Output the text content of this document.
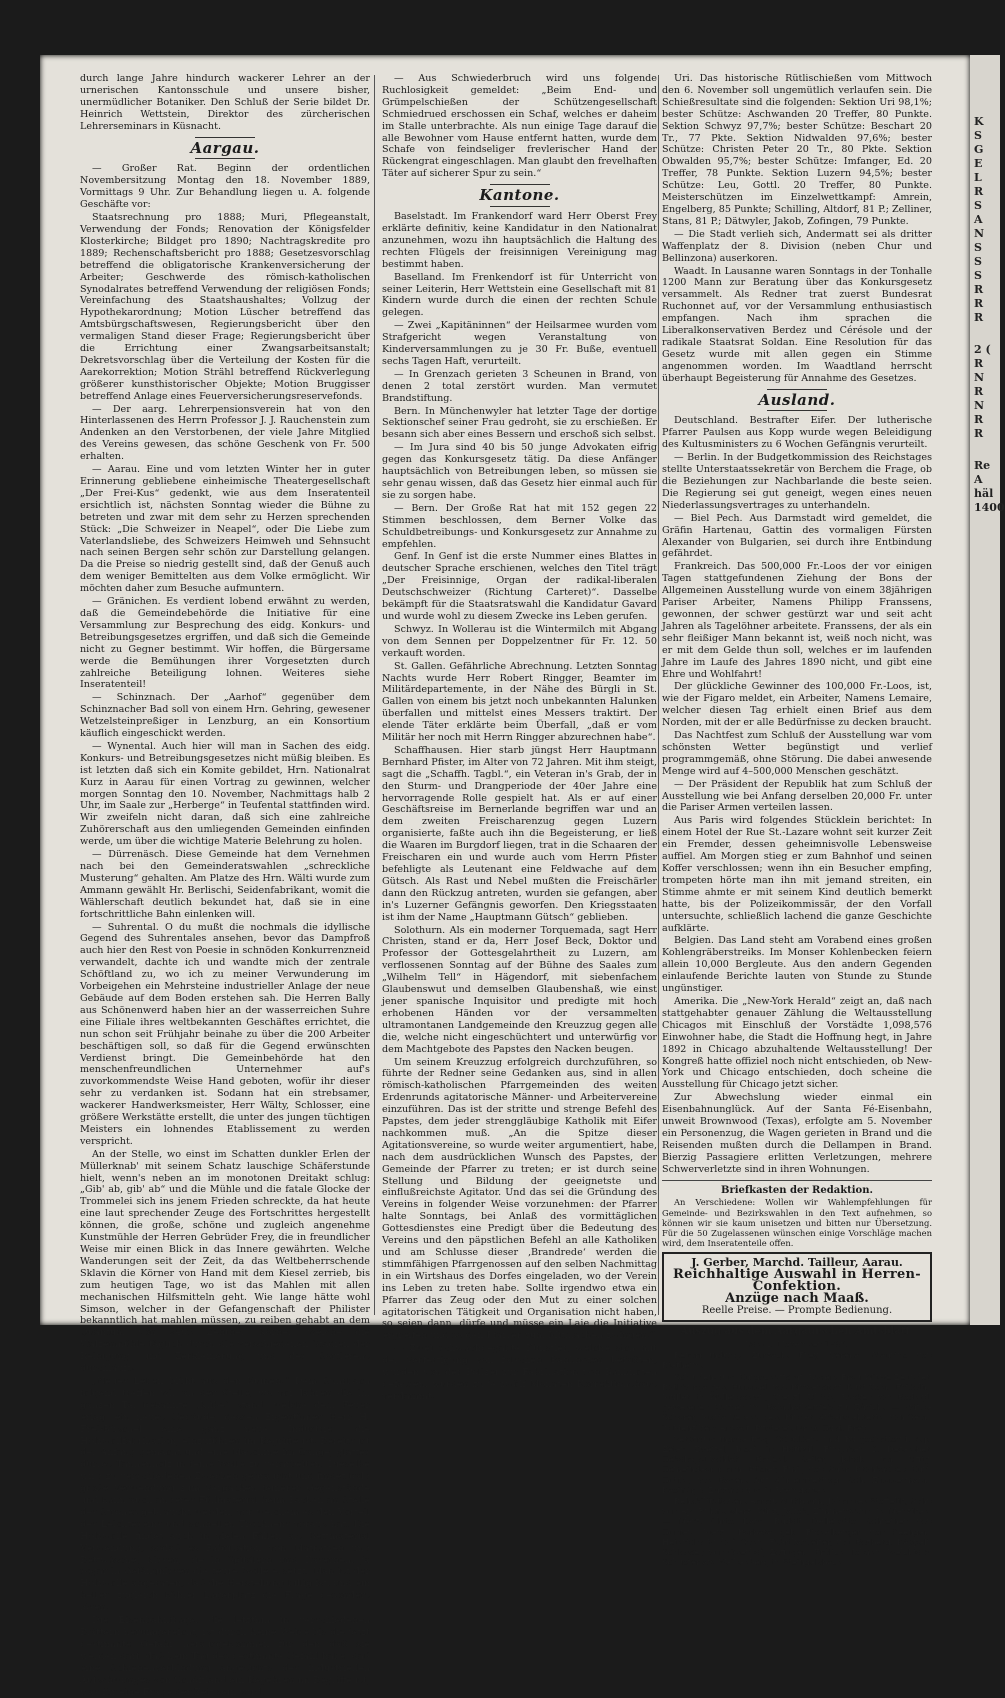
durch lange Jahre hindurch wackerer Lehrer an der urnerischen Kantonsschule und unsere bisher, unermüdlicher Botaniker. Den Schluß der Serie bildet Dr. Heinrich Wettstein, Direktor des zürcherischen Lehrerseminars in Küsnacht.

Aargau.

— Großer Rat. Beginn der ordentlichen Novembersitzung Montag den 18. November 1889, Vormittags 9 Uhr. Zur Behandlung liegen u. A. folgende Geschäfte vor:

Staatsrechnung pro 1888; Muri, Pflegeanstalt, Verwendung der Fonds; Renovation der Königsfelder Klosterkirche; Bildget pro 1890; Nachtragskredite pro 1889; Rechenschaftsbericht pro 1888; Gesetzesvorschlag betreffend die obligatorische Krankenversicherung der Arbeiter; Geschwerde des römisch-katholischen Synodalrates betreffend Verwendung der religiösen Fonds; Vereinfachung des Staatshaushaltes; Vollzug der Hypothekarordnung; Motion Lüscher betreffend das Amtsbürgschaftswesen, Regierungsbericht über den vermaligen Stand dieser Frage; Regierungsbericht über die Errichtung einer Zwangsarbeitsanstalt; Dekretsvorschlag über die Verteilung der Kosten für die Aarekorrektion; Motion Strähl betreffend Rückverlegung größerer kunsthistorischer Objekte; Motion Bruggisser betreffend Anlage eines Feuerversicherungsreservefonds.

— Der aarg. Lehrerpensionsverein hat von den Hinterlassenen des Herrn Professor J. J. Rauchenstein zum Andenken an den Verstorbenen, der viele Jahre Mitglied des Vereins gewesen, das schöne Geschenk von Fr. 500 erhalten.

— Aarau. Eine und vom letzten Winter her in guter Erinnerung gebliebene einheimische Theatergesellschaft „Der Frei-Kus“ gedenkt, wie aus dem Inseratenteil ersichtlich ist, nächsten Sonntag wieder die Bühne zu betreten und zwar mit dem sehr zu Herzen sprechenden Stück: „Die Schweizer in Neapel“, oder Die Liebe zum Vaterlandsliebe, des Schweizers Heimweh und Sehnsucht nach seinen Bergen sehr schön zur Darstellung gelangen. Da die Preise so niedrig gestellt sind, daß der Genuß auch dem weniger Bemittelten aus dem Volke ermöglicht. Wir möchten daher zum Besuche aufmuntern.

— Gränichen. Es verdient lobend erwähnt zu werden, daß die Gemeindebehörde die Initiative für eine Versammlung zur Besprechung des eidg. Konkurs- und Betreibungsgesetzes ergriffen, und daß sich die Gemeinde nicht zu Gegner bestimmt. Wir hoffen, die Bürgersame werde die Bemühungen ihrer Vorgesetzten durch zahlreiche Beteiligung lohnen. Weiteres siehe Inseratenteil!

— Schinznach. Der „Aarhof“ gegenüber dem Schinznacher Bad soll von einem Hrn. Gehring, gewesener Wetzelsteinpreßiger in Lenzburg, an ein Konsortium käuflich eingeschickt werden.

— Wynental. Auch hier will man in Sachen des eidg. Konkurs- und Betreibungsgesetzes nicht müßig bleiben. Es ist letzten daß sich ein Komite gebildet, Hrn. Nationalrat Kurz in Aarau für einen Vortrag zu gewinnen, welcher morgen Sonntag den 10. November, Nachmittags halb 2 Uhr, im Saale zur „Herberge“ in Teufental stattfinden wird. Wir zweifeln nicht daran, daß sich eine zahlreiche Zuhörerschaft aus den umliegenden Gemeinden einfinden werde, um über die wichtige Materie Belehrung zu holen.

— Dürrenäsch. Diese Gemeinde hat dem Vernehmen nach bei den Gemeinderatswahlen „schreckliche Musterung“ gehalten. Am Platze des Hrn. Wälti wurde zum Ammann gewählt Hr. Berlischi, Seidenfabrikant, womit die Wählerschaft deutlich bekundet hat, daß sie in eine fortschrittliche Bahn einlenken will.

— Suhrental. O du mußt die nochmals die idyllische Gegend des Suhrentales ansehen, bevor das Dampfroß auch hier den Rest von Poesie in schnöden Konkurrenzneid verwandelt, dachte ich und wandte mich der zentrale Schöftland zu, wo ich zu meiner Verwunderung im Vorbeigehen ein Mehrsteine industrieller Anlage der neue Gebäude auf dem Boden erstehen sah. Die Herren Bally aus Schönenwerd haben hier an der wasserreichen Suhre eine Filiale ihres weltbekannten Geschäftes errichtet, die nun schon seit Frühjahr beinahe zu über die 200 Arbeiter beschäftigen soll, so daß für die Gegend erwünschten Verdienst bringt. Die Gemeinbehörde hat den menschenfreundlichen Unternehmer auf's zuvorkommendste Weise Hand geboten, wofür ihr dieser sehr zu verdanken ist. Sodann hat ein strebsamer, wackerer Handwerksmeister, Herr Wälty, Schlosser, eine größere Werkstätte erstellt, die unter des jungen tüchtigen Meisters ein lohnendes Etablissement zu werden verspricht.

An der Stelle, wo einst im Schatten dunkler Erlen der Müllerknab' mit seinem Schatz lauschige Schäferstunde hielt, wenn's neben an im monotonen Dreitakt schlug: „Gib' ab, gib' ab“ und die Mühle und die fatale Glocke der Trommelei sich ins jenem Frieden schreckte, da hat heute eine laut sprechender Zeuge des Fortschrittes hergestellt können, die große, schöne und zugleich angenehme Kunstmühle der Herren Gebrüder Frey, die in freundlicher Weise mir einen Blick in das Innere gewährten. Welche Wanderungen seit der Zeit, da das Weltbeherrschende Sklavin die Körner von Hand mit dem Kiesel zerrieb, bis zum heutigen Tage, wo ist das Mahlen mit allen mechanischen Hilfsmitteln geht. Wie lange hätte wohl Simson, welcher in der Gefangenschaft der Philister bekanntlich hat mahlen müssen, zu reiben gehabt an dem Quantum von 2400 Zentner Körner, welche die Walzenmühle täglich durch die verschiedenen Stadien der Reinigung und Zerkleinerung und des Sortierens durchläuft?

„Neues Leben blüht aus den Ruinen.“ Dem Suhrbach folgend treffen wir an der Stelle, wo vor Jahren die im ganzen Tal bekannte „Klibe“ stand, welche dem Feuer erlag, ein neues Gebäude, dessen Eigentümer Herr H. Frei-Rüschel eine ganz neue Industrie, die Holzwollfabrikation, einzuführen im Begriffe ist. Bereits ist der Anfang gemacht und eine Maschine im Gange, glattes dürres Tannenholz in feine Wolle zu verarbeiten. Dieselbe wird zu verschiedenen Zwecken gebraucht und findet bald große Verwendung zum Verpacken feinerer Gegenstände und kann auch anderes Füllmaterial beim Packen an Stelle des Strohes gebraucht werden, vor welchem es den Vorteil des Leichteseins und schnellen Trocknens voraus hat. Die Holzwolle findet auch in vielen Fällen als Bettmaterial Verwendung, sodaß es Fabrikation von Matratzen und Bettwäsche, Kissen, die in Spitälern und Kasernen, ja sogar in Gefängnissen die teure Wolle ersetzt. Man ist der Holzwolle angeraten, daß die Herstellung billig ist, und ein heller, zugleich kühler Lagerplatz die Frage besonders lösen.

Die Eisenbahnfrage, die letzthin in verschiedenen Blättern herumgereicht, ist durch keine Weise bis die jetzt bestimmte Gefahr herausgekommen für den daß sie werden darf, daß kein Tag des bestimmte Gefahl habe, daß eine Schienenverbindung angesichts des industriellen Aufschwunges von Schöftland ein Begehren im Begriffe ist, was für eine Frage der Zeit sein wird.

— Aus Schwiederbruch wird uns folgende Ruchlosigkeit gemeldet: „Beim End- und Grümpelschießen der Schützengesellschaft Schmiedrued erschossen ein Schaf, welches er daheim im Stalle unterbrachte. Als nun einige Tage darauf die alle Bewohner vom Hause entfernt hatten, wurde dem Schafe von feindseliger frevlerischer Hand der Rückengrat eingeschlagen. Man glaubt den frevelhaften Täter auf sicherer Spur zu sein.“

Kantone.

Baselstadt. Im Frankendorf ward Herr Oberst Frey erklärte definitiv, keine Kandidatur in den Nationalrat anzunehmen, wozu ihn hauptsächlich die Haltung des rechten Flügels der freisinnigen Vereinigung mag bestimmt haben.

Baselland. Im Frenkendorf ist für Unterricht von seiner Leiterin, Herr Wettstein eine Gesellschaft mit 81 Kindern wurde durch die einen der rechten Schule gelegen.

— Zwei „Kapitäninnen“ der Heilsarmee wurden vom Strafgericht wegen Veranstaltung von Kinderversammlungen zu je 30 Fr. Buße, eventuell sechs Tagen Haft, verurteilt.

— In Grenzach gerieten 3 Scheunen in Brand, von denen 2 total zerstört wurden. Man vermutet Brandstiftung.

Bern. In Münchenwyler hat letzter Tage der dortige Sektionschef seiner Frau gedroht, sie zu erschießen. Er besann sich aber eines Bessern und erschoß sich selbst.

— Im Jura sind 40 bis 50 junge Advokaten eifrig gegen das Konkursgesetz tätig. Da diese Anfänger hauptsächlich von Betreibungen leben, so müssen sie sehr genau wissen, daß das Gesetz hier einmal auch für sie zu sorgen habe.

— Bern. Der Große Rat hat mit 152 gegen 22 Stimmen beschlossen, dem Berner Volke das Schuldbetreibungs- und Konkursgesetz zur Annahme zu empfehlen.

Genf. In Genf ist die erste Nummer eines Blattes in deutscher Sprache erschienen, welches den Titel trägt „Der Freisinnige, Organ der radikal-liberalen Deutschschweizer (Richtung Carteret)“. Dasselbe bekämpft für die Staatsratswahl die Kandidatur Gavard und wurde wohl zu diesem Zwecke ins Leben gerufen.

Schwyz. In Wollerau ist die Wintermilch mit Abgang von dem Sennen per Doppelzentner für Fr. 12. 50 verkauft worden.

St. Gallen. Gefährliche Abrechnung. Letzten Sonntag Nachts wurde Herr Robert Ringger, Beamter im Militärdepartemente, in der Nähe des Bürgli in St. Gallen von einem bis jetzt noch unbekannten Halunken überfallen und mittelst eines Messers traktirt. Der elende Täter erklärte beim Überfall, „daß er vom Militär her noch mit Herrn Ringger abzurechnen habe“.

Schaffhausen. Hier starb jüngst Herr Hauptmann Bernhard Pfister, im Alter von 72 Jahren. Mit ihm steigt, sagt die „Schaffh. Tagbl.“, ein Veteran in's Grab, der in den Sturm- und Drangperiode der 40er Jahre eine hervorragende Rolle gespielt hat. Als er auf einer Geschäftsreise im Bernerlande begriffen war und an dem zweiten Freischarenzug gegen Luzern organisierte, faßte auch ihn die Begeisterung, er ließ die Waaren im Burgdorf liegen, trat in die Schaaren der Freischaren ein und wurde auch vom Herrn Pfister befehligte als Leutenant eine Feldwache auf dem Gütsch. Als Rast und Nebel mußten die Freischärler dann den Rückzug antreten, wurden sie gefangen, aber in's Luzerner Gefängnis geworfen. Den Kriegsstaaten ist ihm der Name „Hauptmann Gütsch“ geblieben.

Solothurn. Als ein moderner Torquemada, sagt Herr Christen, stand er da, Herr Josef Beck, Doktor und Professor der Gottesgelahrtheit zu Luzern, am verflossenen Sonntag auf der Bühne des Saales zum „Wilhelm Tell“ in Hägendorf, mit siebenfachem Glaubenswut und demselben Glaubenshaß, wie einst jener spanische Inquisitor und predigte mit hoch erhobenen Händen vor der versammelten ultramontanen Landgemeinde den Kreuzzug gegen alle die, welche nicht eingeschüchtert und unterwürfig vor dem Machtgebote des Papstes den Nacken beugen.

Um seinem Kreuzzug erfolgreich durchzuführen, so führte der Redner seine Gedanken aus, sind in allen römisch-katholischen Pfarrgemeinden des weiten Erdenrunds agitatorische Männer- und Arbeitervereine einzuführen. Das ist der stritte und strenge Befehl des Papstes, dem jeder strenggläubige Katholik mit Eifer nachkommen muß. „An die Spitze dieser Agitationsvereine, so wurde weiter argumentiert, habe, nach dem ausdrücklichen Wunsch des Papstes, der Gemeinde der Pfarrer zu treten; er ist durch seine Stellung und Bildung der geeignetste und einflußreichste Agitator. Und das sei die Gründung des Vereins in folgender Weise vorzunehmen: der Pfarrer halte Sonntags, bei Anlaß des vormittäglichen Gottesdienstes eine Predigt über die Bedeutung des Vereins und den päpstlichen Befehl an alle Katholiken und am Schlusse dieser ‚Brandrede‘ werden die stimmfähigen Pfarrgenossen auf den selben Nachmittag in ein Wirtshaus des Dorfes eingeladen, wo der Verein ins Leben zu treten habe. Sollte irgendwo etwa ein Pfarrer das Zeug oder den Mut zu einer solchen agitatorischen Tätigkeit und Organisation nicht haben, so seien dann, dürfe und müsse ein Laie die Initiative ergreifen und so den Pfarrer zum Mitmachen zwingen.“

— Zwei schwachbegabte Künstler, welche sich mit der Verfertigung von falschen Banknoten befaßten, wurden von der Polizei zur Fabrikation von Banknoten befassen, wurden zu je zwölf Monaten Korrektionshaus verdammt.

Uri. Das historische Rütlischießen vom Mittwoch den 6. November soll ungemütlich verlaufen sein. Die Schießresultate sind die folgenden: Sektion Uri 98,1%; bester Schütze: Aschwanden 20 Treffer, 80 Punkte. Sektion Schwyz 97,7%; bester Schütze: Beschart 20 Tr., 77 Pkte. Sektion Nidwalden 97,6%; bester Schütze: Christen Peter 20 Tr., 80 Pkte. Sektion Obwalden 95,7%; bester Schütze: Imfanger, Ed. 20 Treffer, 78 Punkte. Sektion Luzern 94,5%; bester Schütze: Leu, Gottl. 20 Treffer, 80 Punkte. Meisterschützen im Einzelwettkampf: Amrein, Engelberg, 85 Punkte; Schilling, Altdorf, 81 P.; Zelliner, Stans, 81 P.; Dätwyler, Jakob, Zofingen, 79 Punkte.

— Die Stadt verlieh sich, Andermatt sei als dritter Waffenplatz der 8. Division (neben Chur und Bellinzona) auserkoren.

Waadt. In Lausanne waren Sonntags in der Tonhalle 1200 Mann zur Beratung über das Konkursgesetz versammelt. Als Redner trat zuerst Bundesrat Ruchonnet auf, vor der Versammlung enthusiastisch empfangen. Nach ihm sprachen die Liberalkonservativen Berdez und Cérésole und der radikale Staatsrat Soldan. Eine Resolution für das Gesetz wurde mit allen gegen ein Stimme angenommen worden. Im Waadtland herrscht überhaupt Begeisterung für Annahme des Gesetzes.

Ausland.

Deutschland. Bestrafter Eifer. Der lutherische Pfarrer Paulsen aus Kopp wurde wegen Beleidigung des Kultusministers zu 6 Wochen Gefängnis verurteilt.

— Berlin. In der Budgetkommission des Reichstages stellte Unterstaatssekretär von Berchem die Frage, ob die Beziehungen zur Nachbarlande die beste seien. Die Regierung sei gut geneigt, wegen eines neuen Niederlassungsvertrages zu unterhandeln.

— Biel Pech. Aus Darmstadt wird gemeldet, die Gräfin Hartenau, Gattin des vormaligen Fürsten Alexander von Bulgarien, sei durch ihre Entbindung gefährdet.

Frankreich. Das 500,000 Fr.-Loos der vor einigen Tagen stattgefundenen Ziehung der Bons der Allgemeinen Ausstellung wurde von einem 38jährigen Pariser Arbeiter, Namens Philipp Franssens, gewonnen, der schwer gestürzt war und seit acht Jahren als Tagelöhner arbeitete. Franssens, der als ein sehr fleißiger Mann bekannt ist, weiß noch nicht, was er mit dem Gelde thun soll, welches er im laufenden Jahre im Laufe des Jahres 1890 nicht, und gibt eine Ehre und Wohlfahrt!

Der glückliche Gewinner des 100,000 Fr.-Loos, ist, wie der Figaro meldet, ein Arbeiter, Namens Lemaire, welcher diesen Tag erhielt einen Brief aus dem Norden, mit der er alle Bedürfnisse zu decken braucht.

Das Nachtfest zum Schluß der Ausstellung war vom schönsten Wetter begünstigt und verlief programmgemäß, ohne Störung. Die dabei anwesende Menge wird auf 4–500,000 Menschen geschätzt.

— Der Präsident der Republik hat zum Schluß der Ausstellung wie bei Anfang derselben 20,000 Fr. unter die Pariser Armen verteilen lassen.

Aus Paris wird folgendes Stücklein berichtet: In einem Hotel der Rue St.-Lazare wohnt seit kurzer Zeit ein Fremder, dessen geheimnisvolle Lebensweise auffiel. Am Morgen stieg er zum Bahnhof und seinen Koffer verschlossen; wenn ihn ein Besucher empfing, trompeten hörte man ihn mit jemand streiten, ein Stimme ahmte er mit seinem Kind deutlich bemerkt hatte, bis der Polizeikommissär, der den Vorfall untersuchte, schließlich lachend die ganze Geschichte aufklärte.

Belgien. Das Land steht am Vorabend eines großen Kohlengräberstreiks. Im Monser Kohlenbecken feiern allein 10,000 Bergleute. Aus den andern Gegenden einlaufende Berichte lauten von Stunde zu Stunde ungünstiger.

Amerika. Die „New-York Herald“ zeigt an, daß nach stattgehabter genauer Zählung die Weltausstellung Chicagos mit Einschluß der Vorstädte 1,098,576 Einwohner habe, die Stadt die Hoffnung hegt, in Jahre 1892 in Chicago abzuhaltende Weltausstellung! Der Kongreß hatte offiziel noch nicht entschieden, ob New-York und Chicago entschieden, doch scheine die Ausstellung für Chicago jetzt sicher.

Zur Abwechslung wieder einmal ein Eisenbahnunglück. Auf der Santa Fé-Eisenbahn, unweit Brownwood (Texas), erfolgte am 5. November ein Personenzug, die Wagen gerieten in Brand und die Reisenden mußten durch die Dellampen in Brand. Bierzig Passagiere erlitten Verletzungen, mehrere Schwerverletzte sind in ihren Wohnungen.

Briefkasten der Redaktion.

An Verschiedene: Wollen wir Wahlempfehlungen für Gemeinde- und Bezirkswahlen in den Text aufnehmen, so können wir sie kaum unisetzen und bitten nur Übersetzung. Für die 50 Zugelassenen wünschen einige Vorschläge machen wird, dem Inseratenteile offen.

J. Gerber, Marchd. Tailleur, Aarau.
Reichhaltige Auswahl in Herren-Confektion.
Anzüge nach Maaß.
Reelle Preise. — Prompte Bedienung.
Auszug aus dem Aargauischen Amtsblatt.

Vom 2. November 1889.

Bevormundung. Zurzach. Frey, Verena, Maurins von Rietheim.

Schulden- und Bürgschaftsruf. Baden. Frau Witwe Zehnder, Rothburga geb. Hummel, von Birmenstorf. Kurt Kohn, Fridolin, Müller, in Wallenschwil, Kreuzl. Ulrich, Bäcker, von Bodmyl, gewesener Kärner im Bahnhofbetrieb zu Zürich. — Witwe Schärer, Maria Verena geb. Binder, Arbeitslehrerin, von Seon, in Menziken; Anwalt: Pfisterei. Nr. 9. Gust. Frey.

Verpfründungsvertrag, Schulden- und Bürgschaftsruf. Alp. Zeier. Zweifel, Josef, in Hottwil, Eingaben 2. Dezember. Gebolags-Nachlaß. Badenl. Seiler, Jakob, von Uffig, Gemeindeammann, Pfister, Emil, von Suhr. Kronbacher. Buri, Gotth., von Baden. Auf Alimentvertrag: Sch. Zimmermann, Kasimir, v. Zurzach und in Bremgarten.

Rehabilitationen. Aarau. Nußbaum, Johannes Stöffelik, Sohn von Ap. Ruhm. Merz. Wirz, Jakob, Zimmermann, in Menziken. — Merz. Chris. Dard. Rudolf, Dellensbis, Schreiner, von Gonten. Merz., Barbara geb. Eichelberger, von Seengen, Heinrichs Rudolf, Sohn, Fabrikarbeiter, von Bozberg. Käppeli, Schlosser, von Oberhof, Zofingen, Frölich, Johann, Welchiors, Schuster am Weihenberg in Steingelsbach.

K
S
G
E
L
R
S
A
N
S
S
S
R
R
R
2 (
R
N
R
N
R
R
Re
A
häl
1400
